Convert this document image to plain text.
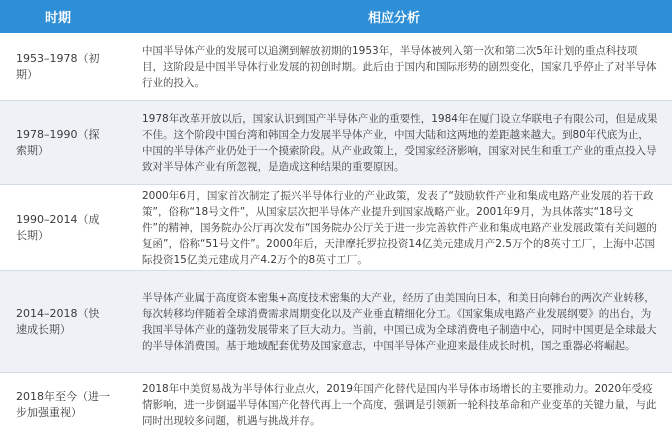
时期	相应分析
1953–1978（初期）
中国半导体产业的发展可以追溯到解放初期的1953年，半导体被列入第一次和第二次5年计划的重点科技项目，这阶段是中国半导体行业发展的初创时期。此后由于国内和国际形势的剧烈变化，国家几乎停止了对半导体行业的投入。
1978–1990（探索期）
1978年改革开放以后，国家认识到国产半导体产业的重要性，1984年在厦门设立华联电子有限公司，但是成果不佳。这个阶段中国台湾和韩国全力发展半导体产业，中国大陆和这两地的差距越来越大。到80年代底为止，中国的半导体产业仍处于一个摸索阶段。从产业政策上，受国家经济影响，国家对民生和重工产业的重点投入导致对半导体产业有所忽视，是造成这种结果的重要原因。
1990–2014（成长期）
2000年6月，国家首次制定了振兴半导体行业的产业政策，发表了“鼓励软件产业和集成电路产业发展的若干政策”，俗称“18号文件”，从国家层次把半导体产业提升到国家战略产业。2001年9月，为具体落实“18号文件”的精神，国务院办公厅再次发布“国务院办公厅关于进一步完善软件产业和集成电路产业发展政策有关问题的复函”，俗称“51号文件”。2000年后，天津摩托罗拉投资14亿美元建成月产2.5万个的8英寸工厂，上海中芯国际投资15亿美元建成月产4.2万个的8英寸工厂。
2014–2018（快速成长期）
半导体产业属于高度资本密集+高度技术密集的大产业，经历了由美国向日本，和美日向韩台的两次产业转移，每次转移均伴随着全球消费需求周期变化以及产业垂直精细化分工。《国家集成电路产业发展纲要》的出台，为我国半导体产业的蓬勃发展带来了巨大动力。当前，中国已成为全球消费电子制造中心，同时中国更是全球最大的半导体消费国。基于地域配套优势及国家意志，中国半导体产业迎来最佳成长时机，国之重器必将崛起。
2018年至今（进一步加强重视）
2018年中美贸易战为半导体行业点火，2019年国产化替代是国内半导体市场增长的主要推动力。2020年受疫情影响，进一步倒逼半导体国产化替代再上一个高度，强调是引领新一轮科技革命和产业变革的关键力量，与此同时出现较多问题，机遇与挑战并存。
